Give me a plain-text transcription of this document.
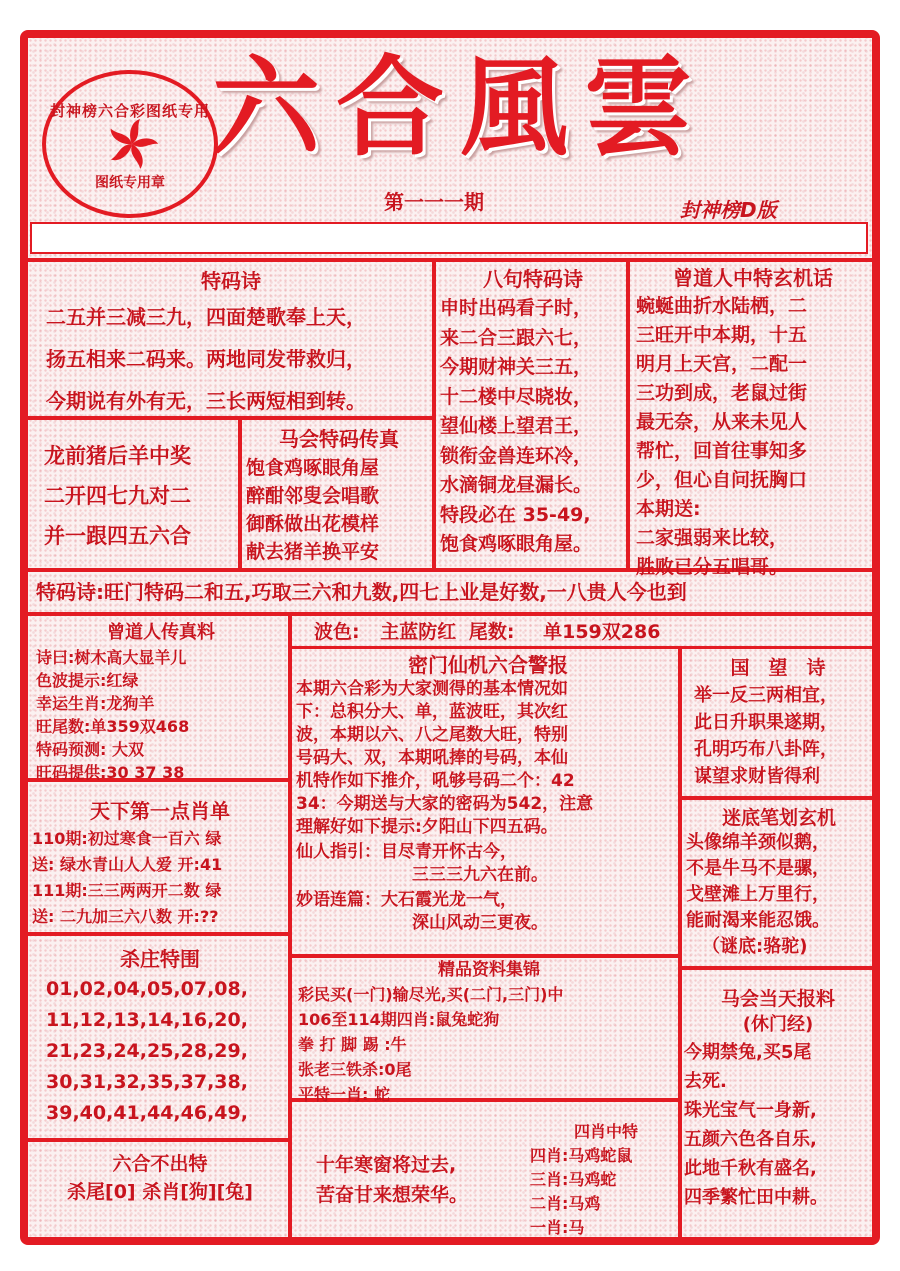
封神榜六合彩图纸专用
图纸专用章
六合風雲
第一一一期	封神榜D版
特码诗
二五并三减三九，四面楚歌奉上天，
扬五相来二码来。两地同发带救归，
今期说有外有无，三长两短相到转。
龙前猪后羊中奖
二开四七九对二
并一跟四五六合
马会特码传真
饱食鸡啄眼角屋
醉酣邻叟会唱歌
御酥做出花模样
献去猪羊换平安
八句特码诗
申时出码看子时，
来二合三跟六七，
今期财神关三五，
十二楼中尽晓妆，
望仙楼上望君王，
锁衔金兽连环冷，
水滴铜龙昼漏长。
特段必在 35-49,
饱食鸡啄眼角屋。
曾道人中特玄机话
蜿蜒曲折水陆栖，二
三旺开中本期，十五
明月上天宫，二配一
三功到成，老鼠过街
最无奈，从来未见人
帮忙，回首往事知多
少，但心自问抚胸口
本期送:
二家强弱来比较，
胜败已分五唱哥。
特码诗:旺门特码二和五,巧取三六和九数,四七上业是好数,一八贵人今也到
曾道人传真料
诗曰:树木高大显羊儿
色波提示:红绿
幸运生肖:龙狗羊
旺尾数:单359双468
特码预测: 大双
旺码提供:30 37 38
波色: 主蓝防红 尾数: 单159双286
密门仙机六合警报
本期六合彩为大家测得的基本情况如
下：总积分大、单，蓝波旺，其次红
波，本期以六、八之尾数大旺，特别
号码大、双，本期吼捧的号码，本仙
机特作如下推介，吼够号码二个：42
34：今期送与大家的密码为542，注意
理解好如下提示:夕阳山下四五码。
仙人指引：目尽青开怀古今，
三三三九六在前。
妙语连篇：大石霞光龙一气，
深山风动三更夜。
国　望　诗
举一反三两相宜，
此日升职果遂期，
孔明巧布八卦阵，
谋望求财皆得利
迷底笔划玄机
头像绵羊颈似鹅，
不是牛马不是骡，
戈壁滩上万里行，
能耐渴来能忍饿。
（谜底:骆驼)
天下第一点肖单
110期:初过寒食一百六 绿
送: 绿水青山人人爱 开:41
111期:三三两两开二数 绿
送: 二九加三六八数 开:??
杀庄特围
01,02,04,05,07,08,
11,12,13,14,16,20,
21,23,24,25,28,29,
30,31,32,35,37,38,
39,40,41,44,46,49,
六合不出特
杀尾[0] 杀肖[狗][兔]
精品资料集锦
彩民买(一门)输尽光,买(二门,三门)中
106至114期四肖:鼠兔蛇狗
拳 打 脚 踢 :牛
张老三铁杀:0尾
平特一肖: 蛇
十年寒窗将过去,
苦奋甘来想荣华。
四肖中特
四肖:马鸡蛇鼠
三肖:马鸡蛇
二肖:马鸡
一肖:马
马会当天报料
(休门经)
今期禁兔,买5尾
去死.
珠光宝气一身新,
五颜六色各自乐,
此地千秋有盛名,
四季繁忙田中耕。
